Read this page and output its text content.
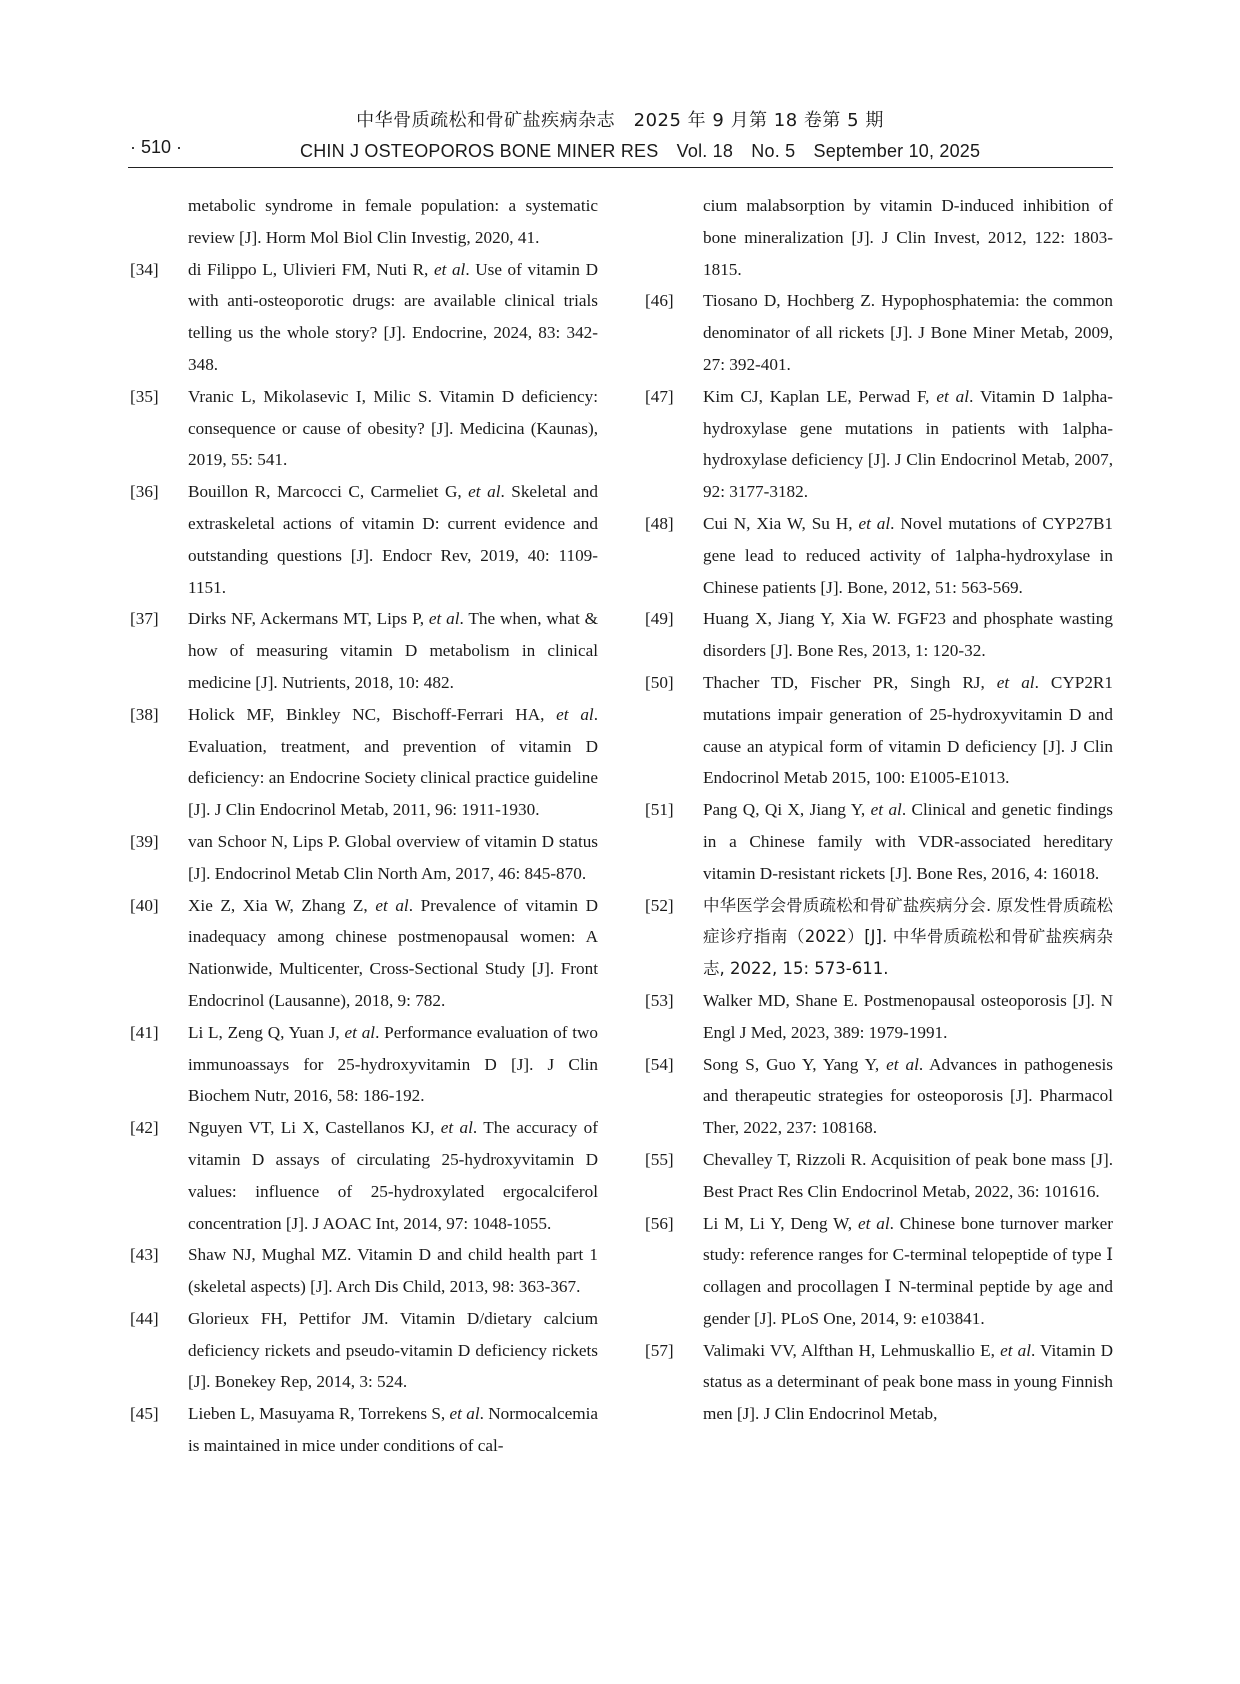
中华骨质疏松和骨矿盐疾病杂志　2025 年 9 月第 18 卷第 5 期
· 510 ·	CHIN J OSTEOPOROS BONE MINER RES　Vol. 18　No. 5　September 10, 2025
metabolic syndrome in female population: a systematic review [J]. Horm Mol Biol Clin Investig, 2020, 41.
[34]	di Filippo L, Ulivieri FM, Nuti R, et al. Use of vitamin D with anti-osteoporotic drugs: are available clinical trials telling us the whole story? [J]. Endocrine, 2024, 83: 342-348.
[35]	Vranic L, Mikolasevic I, Milic S. Vitamin D deficiency: consequence or cause of obesity? [J]. Medicina (Kaunas), 2019, 55: 541.
[36]	Bouillon R, Marcocci C, Carmeliet G, et al. Skeletal and extraskeletal actions of vitamin D: current evidence and outstanding questions [J]. Endocr Rev, 2019, 40: 1109-1151.
[37]	Dirks NF, Ackermans MT, Lips P, et al. The when, what & how of measuring vitamin D metabolism in clinical medicine [J]. Nutrients, 2018, 10: 482.
[38]	Holick MF, Binkley NC, Bischoff-Ferrari HA, et al. Evaluation, treatment, and prevention of vitamin D deficiency: an Endocrine Society clinical practice guideline [J]. J Clin Endocrinol Metab, 2011, 96: 1911-1930.
[39]	van Schoor N, Lips P. Global overview of vitamin D status [J]. Endocrinol Metab Clin North Am, 2017, 46: 845-870.
[40]	Xie Z, Xia W, Zhang Z, et al. Prevalence of vitamin D inadequacy among chinese postmenopausal women: A Nationwide, Multicenter, Cross-Sectional Study [J]. Front Endocrinol (Lausanne), 2018, 9: 782.
[41]	Li L, Zeng Q, Yuan J, et al. Performance evaluation of two immunoassays for 25-hydroxyvitamin D [J]. J Clin Biochem Nutr, 2016, 58: 186-192.
[42]	Nguyen VT, Li X, Castellanos KJ, et al. The accuracy of vitamin D assays of circulating 25-hydroxyvitamin D values: influence of 25-hydroxylated ergocalciferol concentration [J]. J AOAC Int, 2014, 97: 1048-1055.
[43]	Shaw NJ, Mughal MZ. Vitamin D and child health part 1 (skeletal aspects) [J]. Arch Dis Child, 2013, 98: 363-367.
[44]	Glorieux FH, Pettifor JM. Vitamin D/dietary calcium deficiency rickets and pseudo-vitamin D deficiency rickets [J]. Bonekey Rep, 2014, 3: 524.
[45]	Lieben L, Masuyama R, Torrekens S, et al. Normocalcemia is maintained in mice under conditions of cal-
cium malabsorption by vitamin D-induced inhibition of bone mineralization [J]. J Clin Invest, 2012, 122: 1803-1815.
[46]	Tiosano D, Hochberg Z. Hypophosphatemia: the common denominator of all rickets [J]. J Bone Miner Metab, 2009, 27: 392-401.
[47]	Kim CJ, Kaplan LE, Perwad F, et al. Vitamin D 1alpha-hydroxylase gene mutations in patients with 1alpha-hydroxylase deficiency [J]. J Clin Endocrinol Metab, 2007, 92: 3177-3182.
[48]	Cui N, Xia W, Su H, et al. Novel mutations of CYP27B1 gene lead to reduced activity of 1alpha-hydroxylase in Chinese patients [J]. Bone, 2012, 51: 563-569.
[49]	Huang X, Jiang Y, Xia W. FGF23 and phosphate wasting disorders [J]. Bone Res, 2013, 1: 120-32.
[50]	Thacher TD, Fischer PR, Singh RJ, et al. CYP2R1 mutations impair generation of 25-hydroxyvitamin D and cause an atypical form of vitamin D deficiency [J]. J Clin Endocrinol Metab 2015, 100: E1005-E1013.
[51]	Pang Q, Qi X, Jiang Y, et al. Clinical and genetic findings in a Chinese family with VDR-associated hereditary vitamin D-resistant rickets [J]. Bone Res, 2016, 4: 16018.
[52]	中华医学会骨质疏松和骨矿盐疾病分会. 原发性骨质疏松症诊疗指南（2022）[J]. 中华骨质疏松和骨矿盐疾病杂志, 2022, 15: 573-611.
[53]	Walker MD, Shane E. Postmenopausal osteoporosis [J]. N Engl J Med, 2023, 389: 1979-1991.
[54]	Song S, Guo Y, Yang Y, et al. Advances in pathogenesis and therapeutic strategies for osteoporosis [J]. Pharmacol Ther, 2022, 237: 108168.
[55]	Chevalley T, Rizzoli R. Acquisition of peak bone mass [J]. Best Pract Res Clin Endocrinol Metab, 2022, 36: 101616.
[56]	Li M, Li Y, Deng W, et al. Chinese bone turnover marker study: reference ranges for C-terminal telopeptide of type Ⅰ collagen and procollagen Ⅰ N-terminal peptide by age and gender [J]. PLoS One, 2014, 9: e103841.
[57]	Valimaki VV, Alfthan H, Lehmuskallio E, et al. Vitamin D status as a determinant of peak bone mass in young Finnish men [J]. J Clin Endocrinol Metab,
